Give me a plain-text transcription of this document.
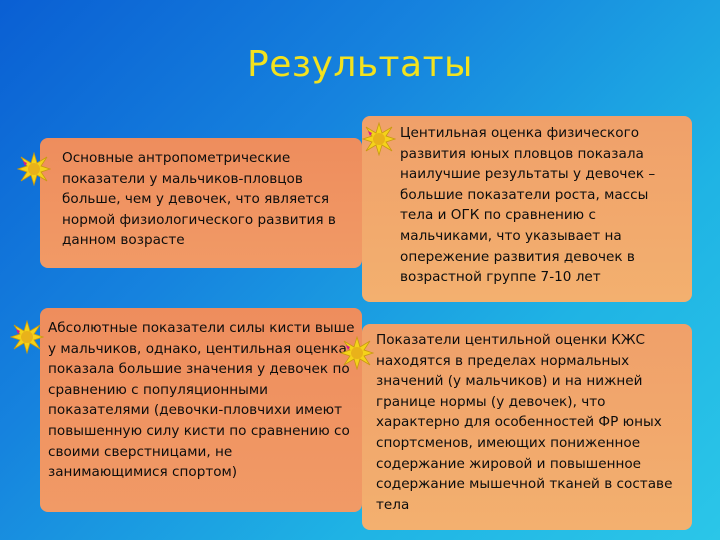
Результаты
Основные антропометрические показатели у мальчиков-пловцов больше, чем у девочек, что является нормой физиологического развития в данном возрасте
Центильная оценка физического развития юных пловцов показала наилучшие результаты у девочек – большие показатели роста, массы тела и ОГК по сравнению с мальчиками, что указывает на опережение развития девочек в возрастной группе 7-10 лет
Абсолютные показатели силы кисти выше у мальчиков, однако, центильная оценка показала большие значения у девочек по сравнению с популяционными показателями (девочки-пловчихи имеют повышенную силу кисти по сравнению со своими сверстницами, не занимающимися спортом)
Показатели центильной оценки КЖС находятся в пределах нормальных значений (у мальчиков) и на нижней границе нормы (у девочек), что характерно для особенностей ФР юных спортсменов, имеющих пониженное содержание жировой и повышенное содержание мышечной тканей в составе тела
